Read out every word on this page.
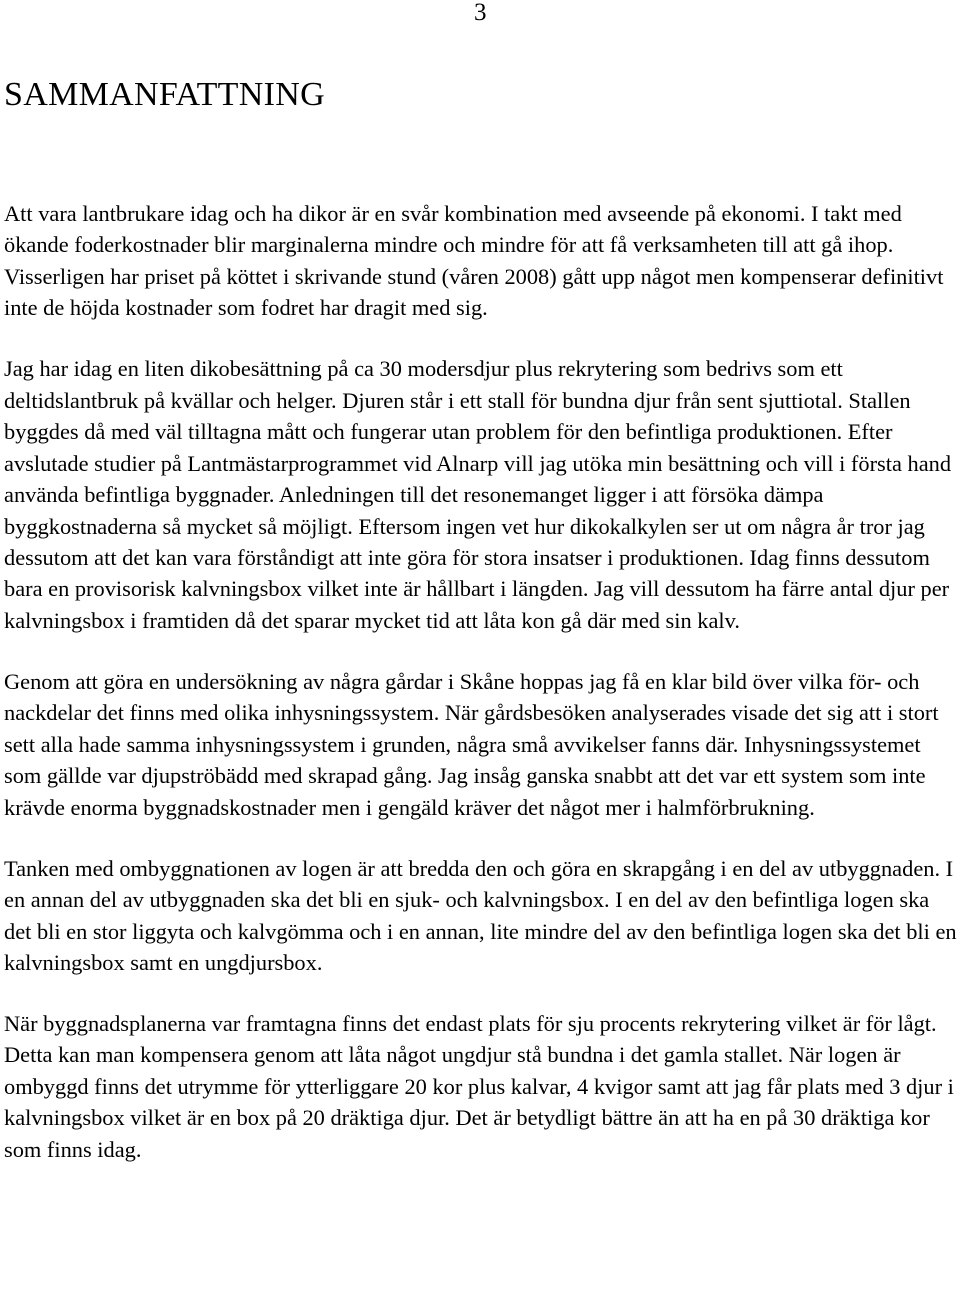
3
SAMMANFATTNING

Att vara lantbrukare idag och ha dikor är en svår kombination med avseende på ekonomi. I takt med ökande foderkostnader blir marginalerna mindre och mindre för att få verksamheten till att gå ihop. Visserligen har priset på köttet i skrivande stund (våren 2008) gått upp något men kompenserar definitivt inte de höjda kostnader som fodret har dragit med sig.

Jag har idag en liten dikobesättning på ca 30 modersdjur plus rekrytering som bedrivs som ett deltidslantbruk på kvällar och helger. Djuren står i ett stall för bundna djur från sent sjuttiotal. Stallen byggdes då med väl tilltagna mått och fungerar utan problem för den befintliga produktionen. Efter avslutade studier på Lantmästarprogrammet vid Alnarp vill jag utöka min besättning och vill i första hand använda befintliga byggnader. Anledningen till det resonemanget ligger i att försöka dämpa byggkostnaderna så mycket så möjligt. Eftersom ingen vet hur dikokalkylen ser ut om några år tror jag dessutom att det kan vara förståndigt att inte göra för stora insatser i produktionen. Idag finns dessutom bara en provisorisk kalvningsbox vilket inte är hållbart i längden. Jag vill dessutom ha färre antal djur per kalvningsbox i framtiden då det sparar mycket tid att låta kon gå där med sin kalv.

Genom att göra en undersökning av några gårdar i Skåne hoppas jag få en klar bild över vilka för- och nackdelar det finns med olika inhysningssystem. När gårdsbesöken analyserades visade det sig att i stort sett alla hade samma inhysningssystem i grunden, några små avvikelser fanns där. Inhysningssystemet som gällde var djupströbädd med skrapad gång. Jag insåg ganska snabbt att det var ett system som inte krävde enorma byggnadskostnader men i gengäld kräver det något mer i halmförbrukning.

Tanken med ombyggnationen av logen är att bredda den och göra en skrapgång i en del av utbyggnaden. I en annan del av utbyggnaden ska det bli en sjuk- och kalvningsbox. I en del av den befintliga logen ska det bli en stor liggyta och kalvgömma och i en annan, lite mindre del av den befintliga logen ska det bli en kalvningsbox samt en ungdjursbox.

När byggnadsplanerna var framtagna finns det endast plats för sju procents rekrytering vilket är för lågt. Detta kan man kompensera genom att låta något ungdjur stå bundna i det gamla stallet. När logen är ombyggd finns det utrymme för ytterliggare 20 kor plus kalvar, 4 kvigor samt att jag får plats med 3 djur i kalvningsbox vilket är en box på 20 dräktiga djur. Det är betydligt bättre än att ha en på 30 dräktiga kor som finns idag.
